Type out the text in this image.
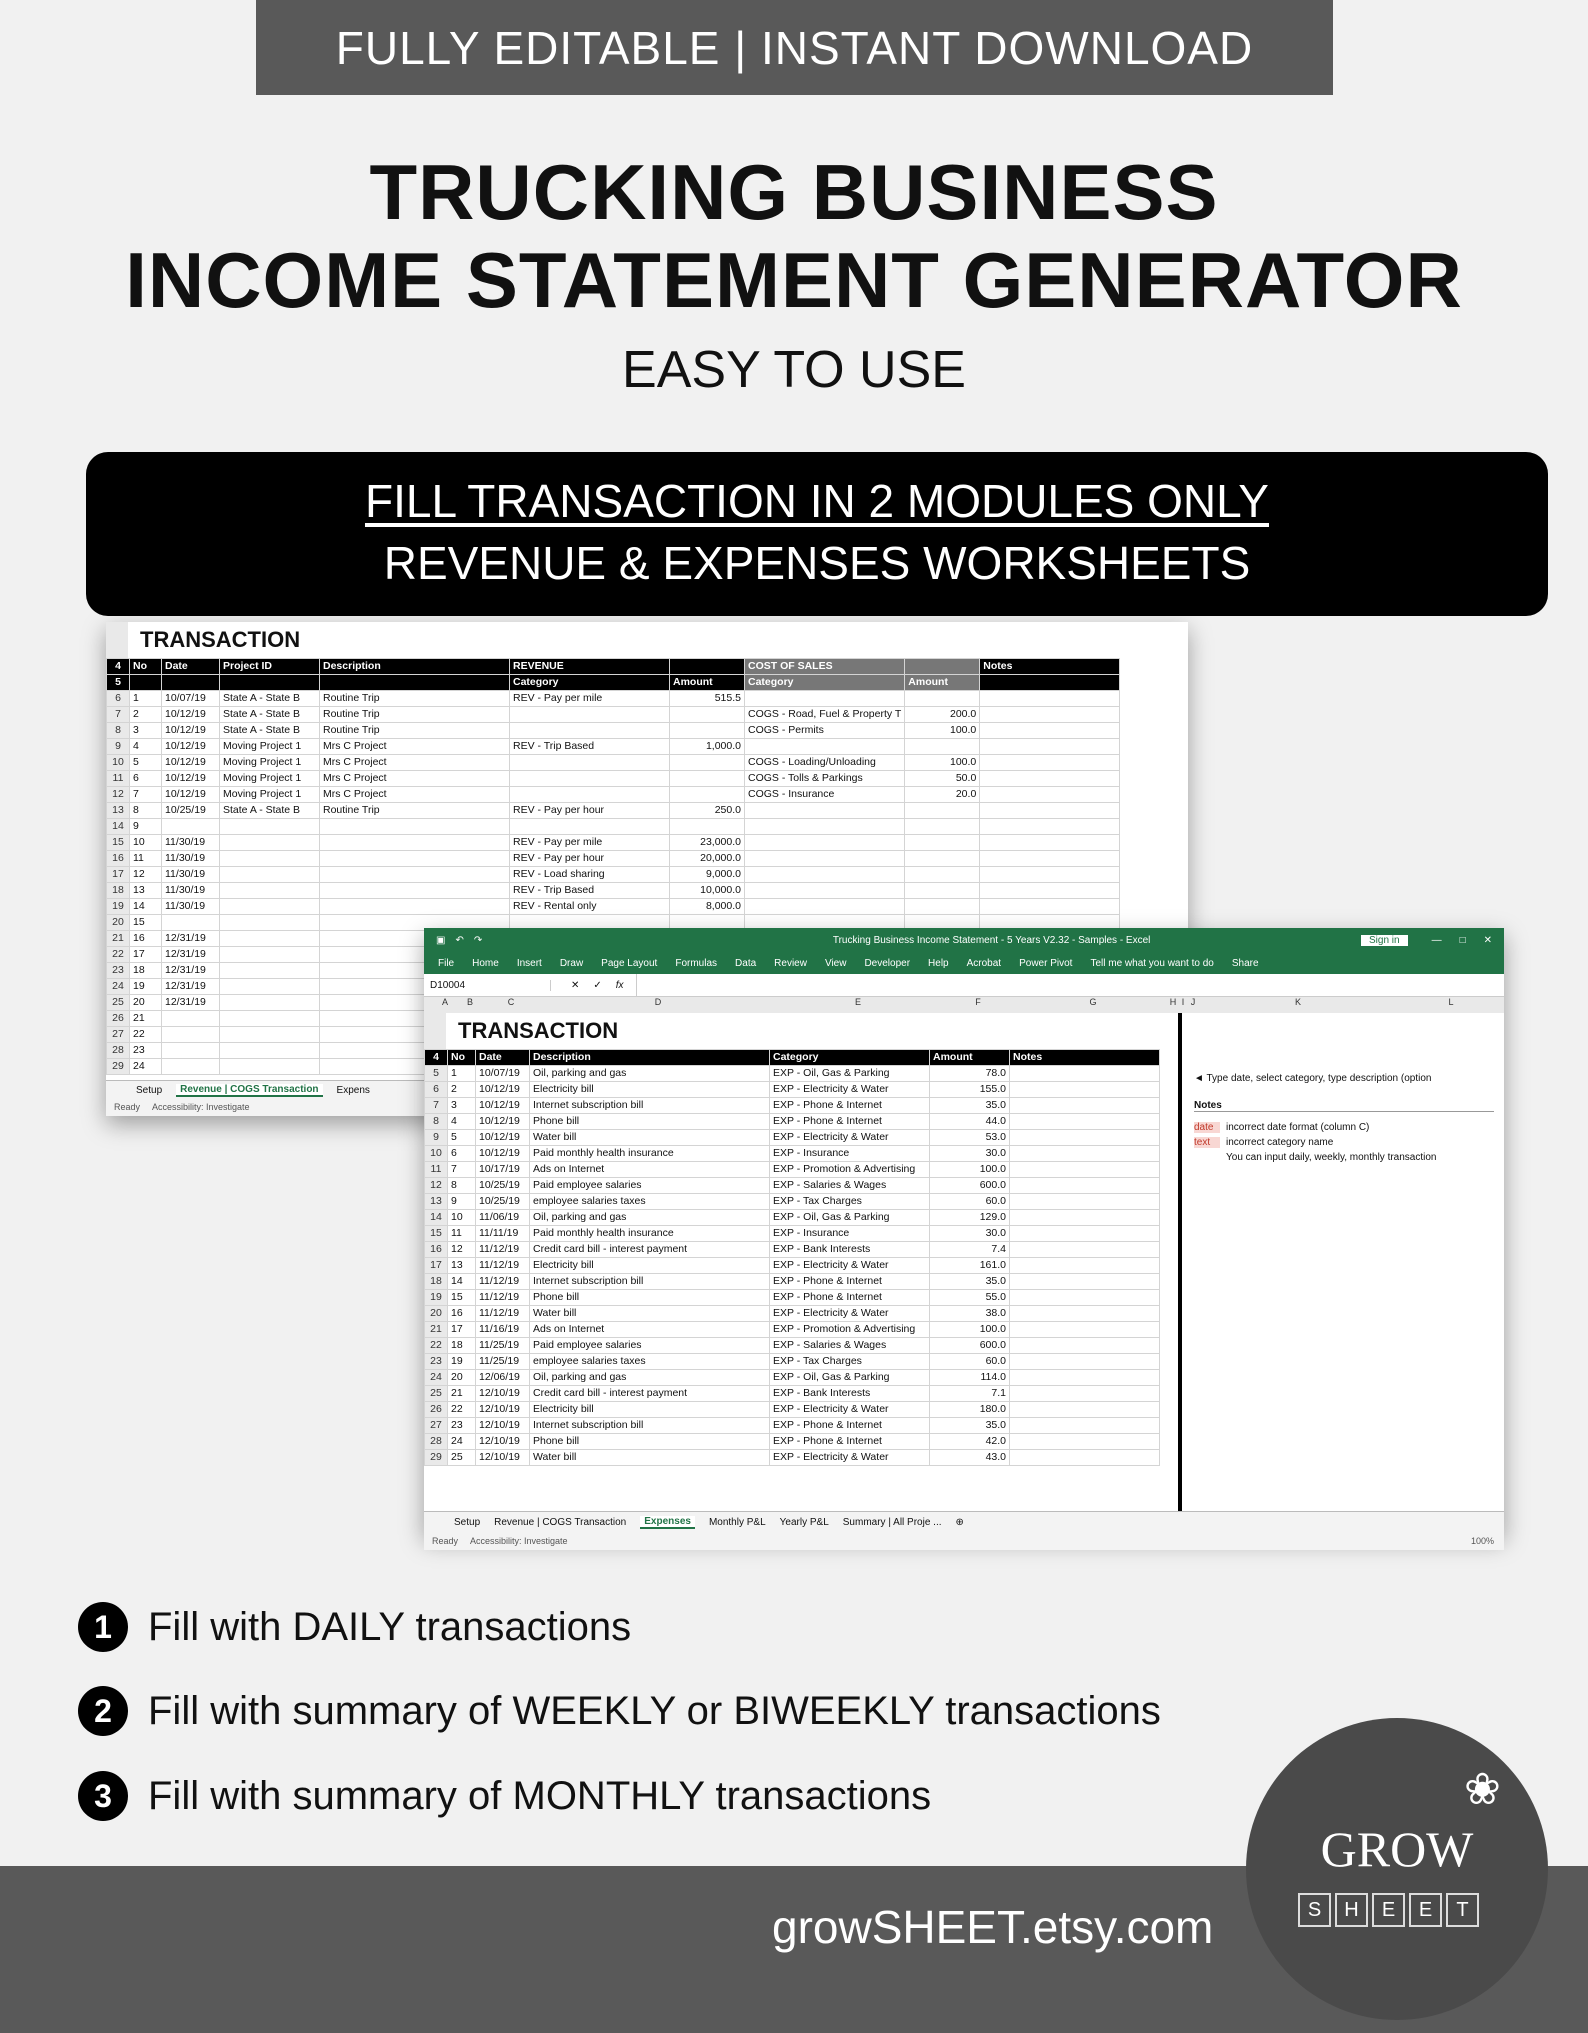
FULLY EDITABLE | INSTANT DOWNLOAD
TRUCKING BUSINESS
INCOME STATEMENT GENERATOR
EASY TO USE
FILL TRANSACTION IN 2 MODULES ONLY
REVENUE & EXPENSES WORKSHEETS
TRANSACTION
4	No	Date	Project ID	Description	REVENUE		COST OF SALES		Notes
5					Category	Amount	Category	Amount	
6	1	10/07/19	State A - State B	Routine Trip	REV - Pay per mile	515.5			
7	2	10/12/19	State A - State B	Routine Trip			COGS - Road, Fuel & Property T	200.0	
8	3	10/12/19	State A - State B	Routine Trip			COGS - Permits	100.0	
9	4	10/12/19	Moving Project 1	Mrs C Project	REV - Trip Based	1,000.0			
10	5	10/12/19	Moving Project 1	Mrs C Project			COGS - Loading/Unloading	100.0	
11	6	10/12/19	Moving Project 1	Mrs C Project			COGS - Tolls & Parkings	50.0	
12	7	10/12/19	Moving Project 1	Mrs C Project			COGS - Insurance	20.0	
13	8	10/25/19	State A - State B	Routine Trip	REV - Pay per hour	250.0			
14	9								
15	10	11/30/19			REV - Pay per mile	23,000.0			
16	11	11/30/19			REV - Pay per hour	20,000.0			
17	12	11/30/19			REV - Load sharing	9,000.0			
18	13	11/30/19			REV - Trip Based	10,000.0			
19	14	11/30/19			REV - Rental only	8,000.0			
20	15								
21	16	12/31/19							
22	17	12/31/19							
23	18	12/31/19							
24	19	12/31/19							
25	20	12/31/19							
26	21								
27	22								
28	23								
29	24								
Setup	Revenue | COGS Transaction	Expens
Ready Accessibility: Investigate
▣ ↶ ↷	Trucking Business Income Statement - 5 Years V2.32 - Samples - Excel	Sign in	— □ ✕
File Home Insert Draw Page Layout Formulas Data Review View Developer Help Acrobat Power Pivot Tell me what you want to do Share
D10004	✕ ✓ fx
A	B	C	D	E	F	G	H I J	K	L
TRANSACTION
4	No	Date	Description	Category	Amount	Notes
5	1	10/07/19	Oil, parking and gas	EXP - Oil, Gas & Parking	78.0	
6	2	10/12/19	Electricity bill	EXP - Electricity & Water	155.0	
7	3	10/12/19	Internet subscription bill	EXP - Phone & Internet	35.0	
8	4	10/12/19	Phone bill	EXP - Phone & Internet	44.0	
9	5	10/12/19	Water bill	EXP - Electricity & Water	53.0	
10	6	10/12/19	Paid monthly health insurance	EXP - Insurance	30.0	
11	7	10/17/19	Ads on Internet	EXP - Promotion & Advertising	100.0	
12	8	10/25/19	Paid employee salaries	EXP - Salaries & Wages	600.0	
13	9	10/25/19	employee salaries taxes	EXP - Tax Charges	60.0	
14	10	11/06/19	Oil, parking and gas	EXP - Oil, Gas & Parking	129.0	
15	11	11/11/19	Paid monthly health insurance	EXP - Insurance	30.0	
16	12	11/12/19	Credit card bill - interest payment	EXP - Bank Interests	7.4	
17	13	11/12/19	Electricity bill	EXP - Electricity & Water	161.0	
18	14	11/12/19	Internet subscription bill	EXP - Phone & Internet	35.0	
19	15	11/12/19	Phone bill	EXP - Phone & Internet	55.0	
20	16	11/12/19	Water bill	EXP - Electricity & Water	38.0	
21	17	11/16/19	Ads on Internet	EXP - Promotion & Advertising	100.0	
22	18	11/25/19	Paid employee salaries	EXP - Salaries & Wages	600.0	
23	19	11/25/19	employee salaries taxes	EXP - Tax Charges	60.0	
24	20	12/06/19	Oil, parking and gas	EXP - Oil, Gas & Parking	114.0	
25	21	12/10/19	Credit card bill - interest payment	EXP - Bank Interests	7.1	
26	22	12/10/19	Electricity bill	EXP - Electricity & Water	180.0	
27	23	12/10/19	Internet subscription bill	EXP - Phone & Internet	35.0	
28	24	12/10/19	Phone bill	EXP - Phone & Internet	42.0	
29	25	12/10/19	Water bill	EXP - Electricity & Water	43.0	
◄ Type date, select category, type description (option
Notes
date incorrect date format (column C)
text incorrect category name
You can input daily, weekly, monthly transaction
Setup Revenue | COGS Transaction	Expenses	Monthly P&L Yearly P&L Summary | All Proje ... ⊕
Ready Accessibility: Investigate	100%
1 Fill with DAILY transactions
2 Fill with summary of WEEKLY or BIWEEKLY transactions
3 Fill with summary of MONTHLY transactions
growSHEET.etsy.com
❀
GROW
S	H	E	E	T
